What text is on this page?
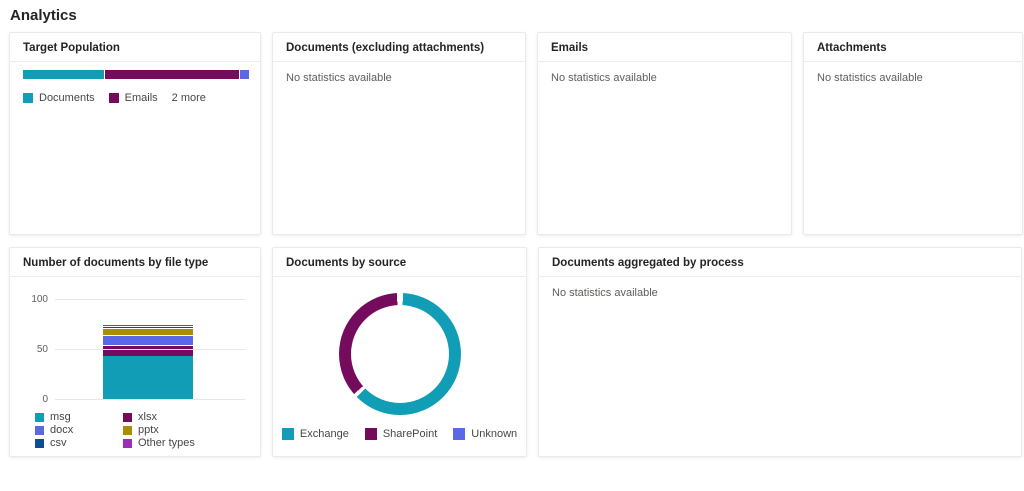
Analytics
Target Population
Documents	Emails 2 more
Documents (excluding attachments)
No statistics available
Emails
No statistics available
Attachments
No statistics available
Number of documents by file type
0
50
100
msg	xlsx
docx	pptx
csv	Other types
Documents by source
Exchange	SharePoint	Unknown
Documents aggregated by process
No statistics available
